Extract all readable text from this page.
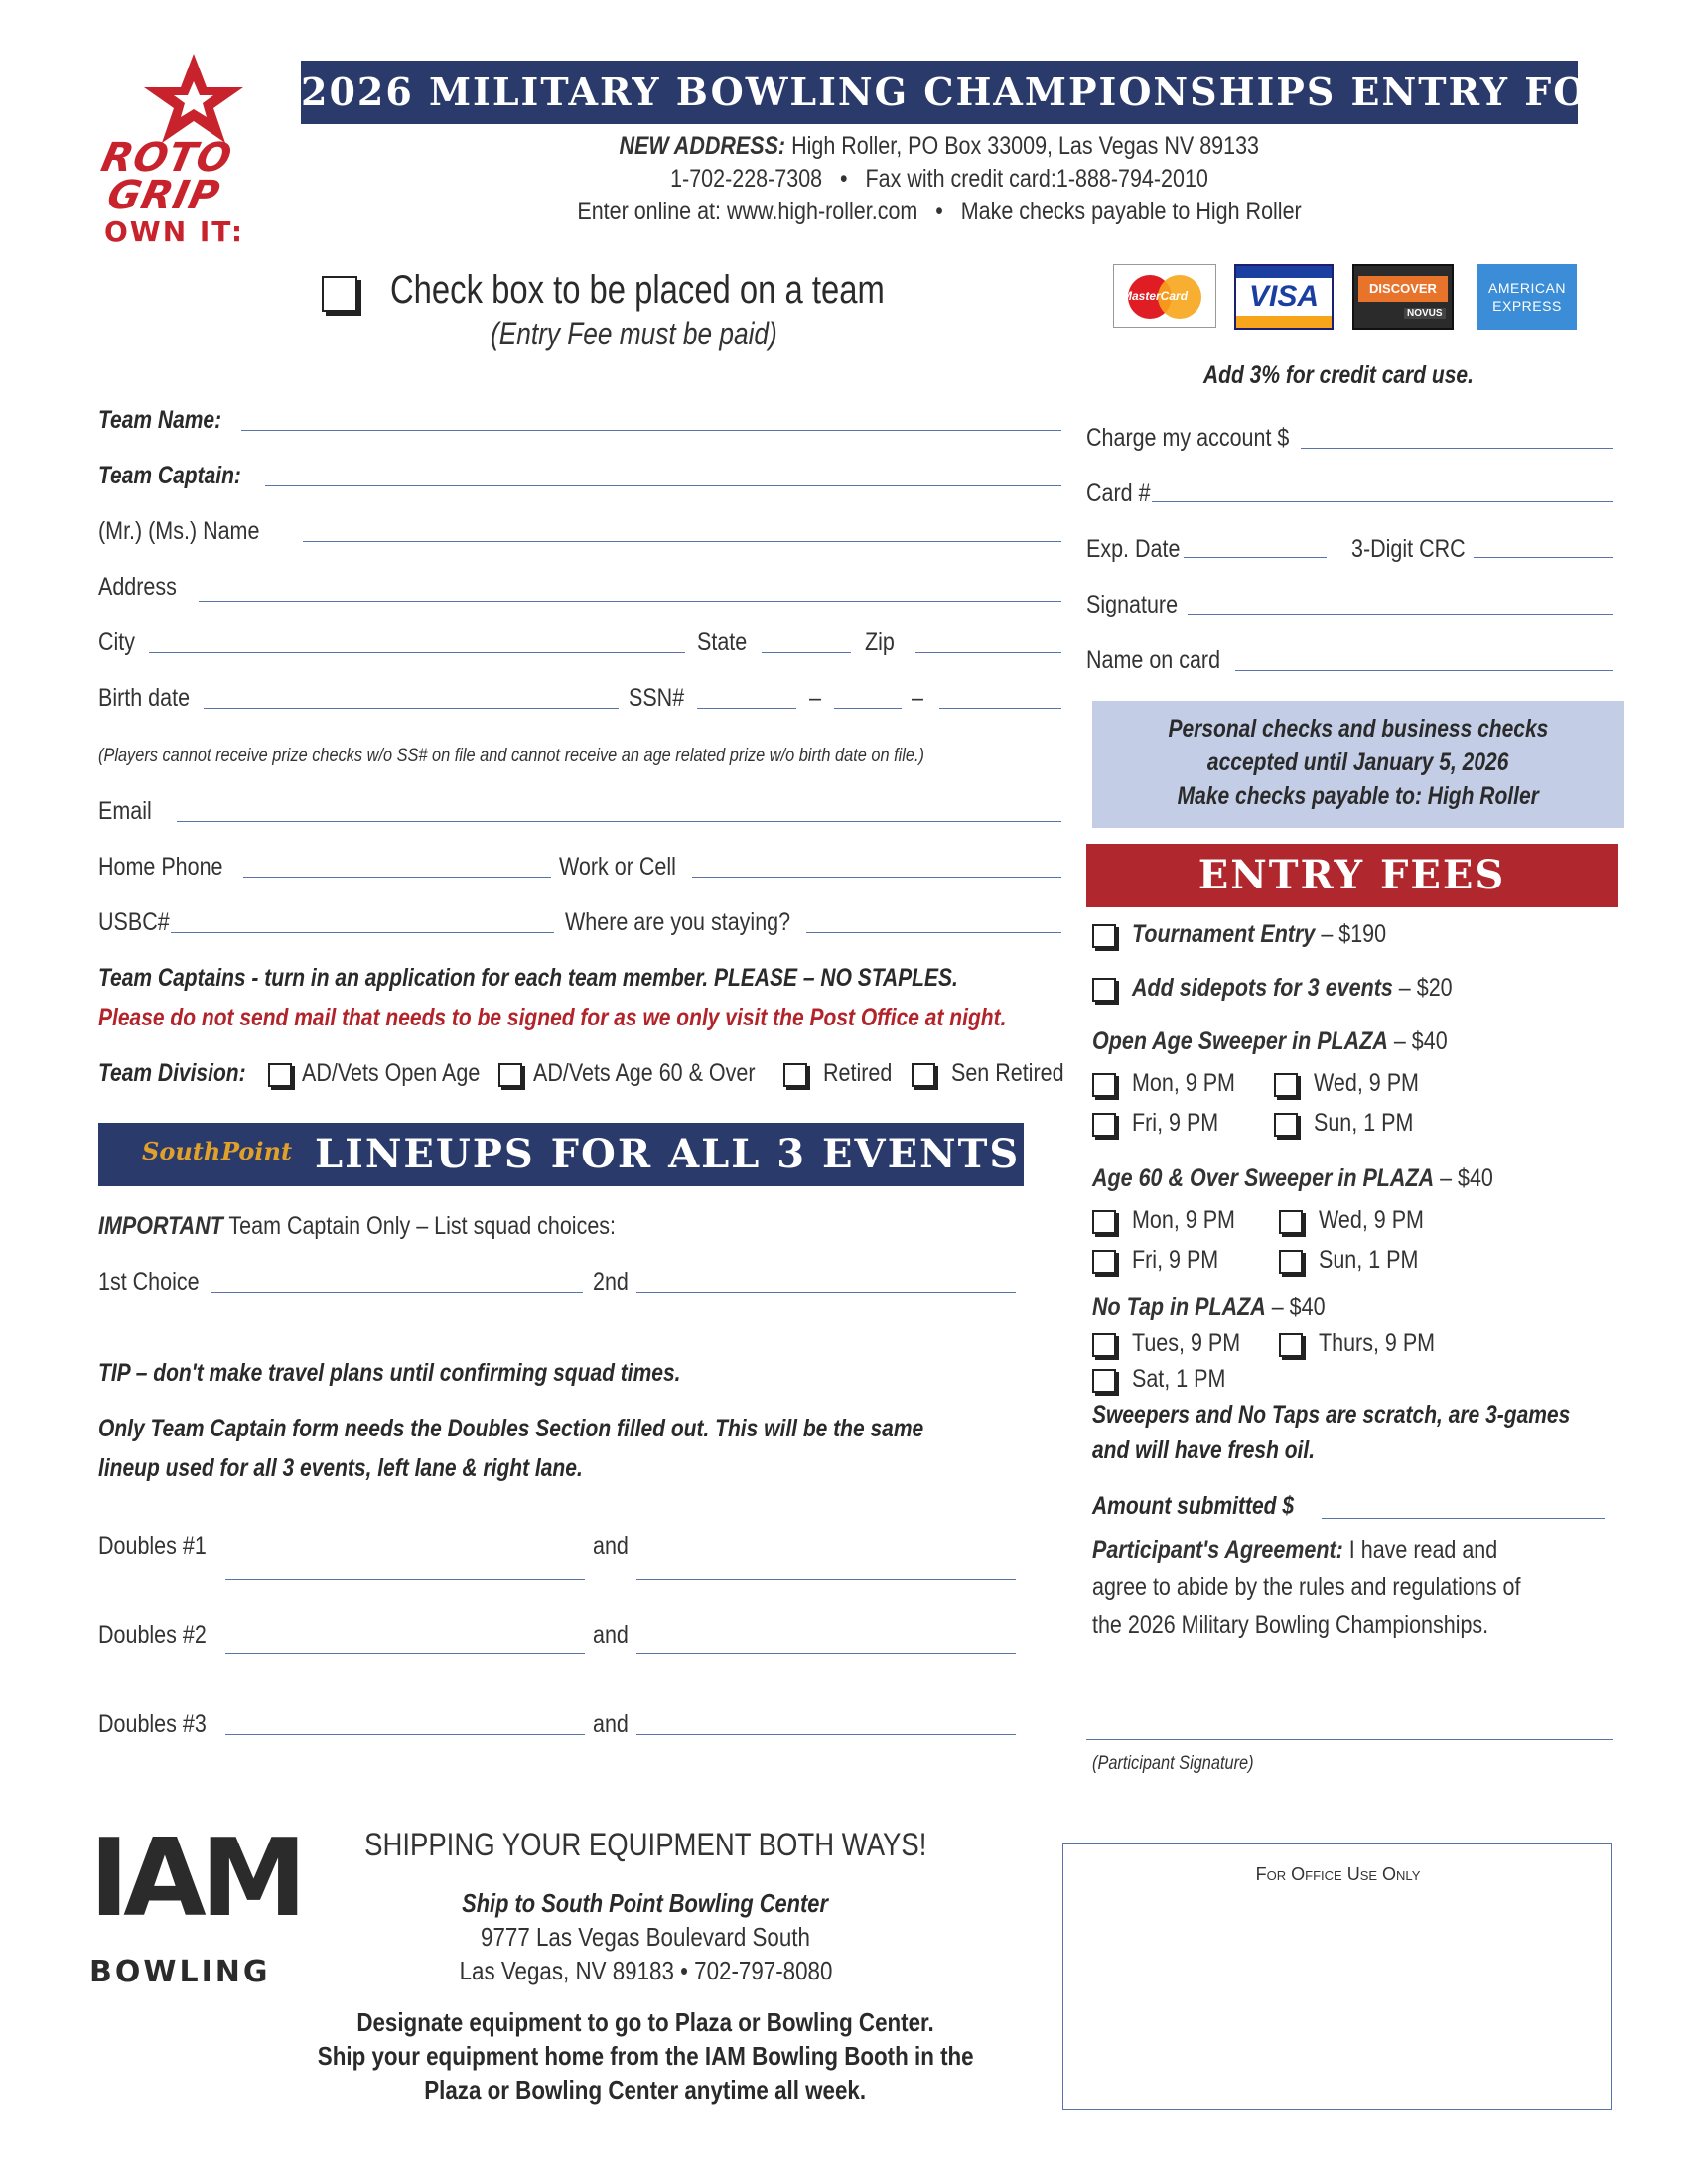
ROTO
GRIP
OWN IT:
2026 MILITARY BOWLING CHAMPIONSHIPS ENTRY FORM
NEW ADDRESS: High Roller, PO Box 33009, Las Vegas NV 89133
1-702-228-7308 • Fax with credit card:1-888-794-2010
Enter online at: www.high-roller.com • Make checks payable to High Roller
Check box to be placed on a team
(Entry Fee must be paid)
MasterCard	VISA	DISCOVER
NOVUS
AMERICAN
EXPRESS
Add 3% for credit card use.
Team Name:
Team Captain:
(Mr.) (Ms.) Name
Address
City	State	Zip
Birth date	SSN#	–	–
(Players cannot receive prize checks w/o SS# on file and cannot receive an age related prize w/o birth date on file.)
Email
Home Phone	Work or Cell
USBC#	Where are you staying?
Team Captains - turn in an application for each team member. PLEASE – NO STAPLES.
Please do not send mail that needs to be signed for as we only visit the Post Office at night.
Team Division: AD/Vets Open Age AD/Vets Age 60 & Over	Retired Sen Retired
Charge my account $
Card #
Exp. Date	3-Digit CRC
Signature
Name on card
Personal checks and business checks
accepted until January 5, 2026
Make checks payable to: High Roller
ENTRY FEES
Tournament Entry – $190
Add sidepots for 3 events – $20
Open Age Sweeper in PLAZA – $40
Mon, 9 PM	Wed, 9 PM
Fri, 9 PM	Sun, 1 PM
Age 60 & Over Sweeper in PLAZA – $40
Mon, 9 PM	Wed, 9 PM
Fri, 9 PM	Sun, 1 PM
No Tap in PLAZA – $40
Tues, 9 PM	Thurs, 9 PM
Sat, 1 PM
Sweepers and No Taps are scratch, are 3-games
and will have fresh oil.
Amount submitted $
Participant's Agreement: I have read and
agree to abide by the rules and regulations of
the 2026 Military Bowling Championships.
(Participant Signature)
South Point LINEUPS FOR ALL 3 EVENTS
IMPORTANT Team Captain Only – List squad choices:
1st Choice	2nd
TIP – don't make travel plans until confirming squad times.
Only Team Captain form needs the Doubles Section filled out. This will be the same
lineup used for all 3 events, left lane & right lane.
Doubles #1	and
Doubles #2	and
Doubles #3	and
IAM
BOWLING
SHIPPING YOUR EQUIPMENT BOTH WAYS!
Ship to South Point Bowling Center
9777 Las Vegas Boulevard South
Las Vegas, NV 89183 • 702-797-8080
Designate equipment to go to Plaza or Bowling Center.
Ship your equipment home from the IAM Bowling Booth in the
Plaza or Bowling Center anytime all week.
For Office Use Only
